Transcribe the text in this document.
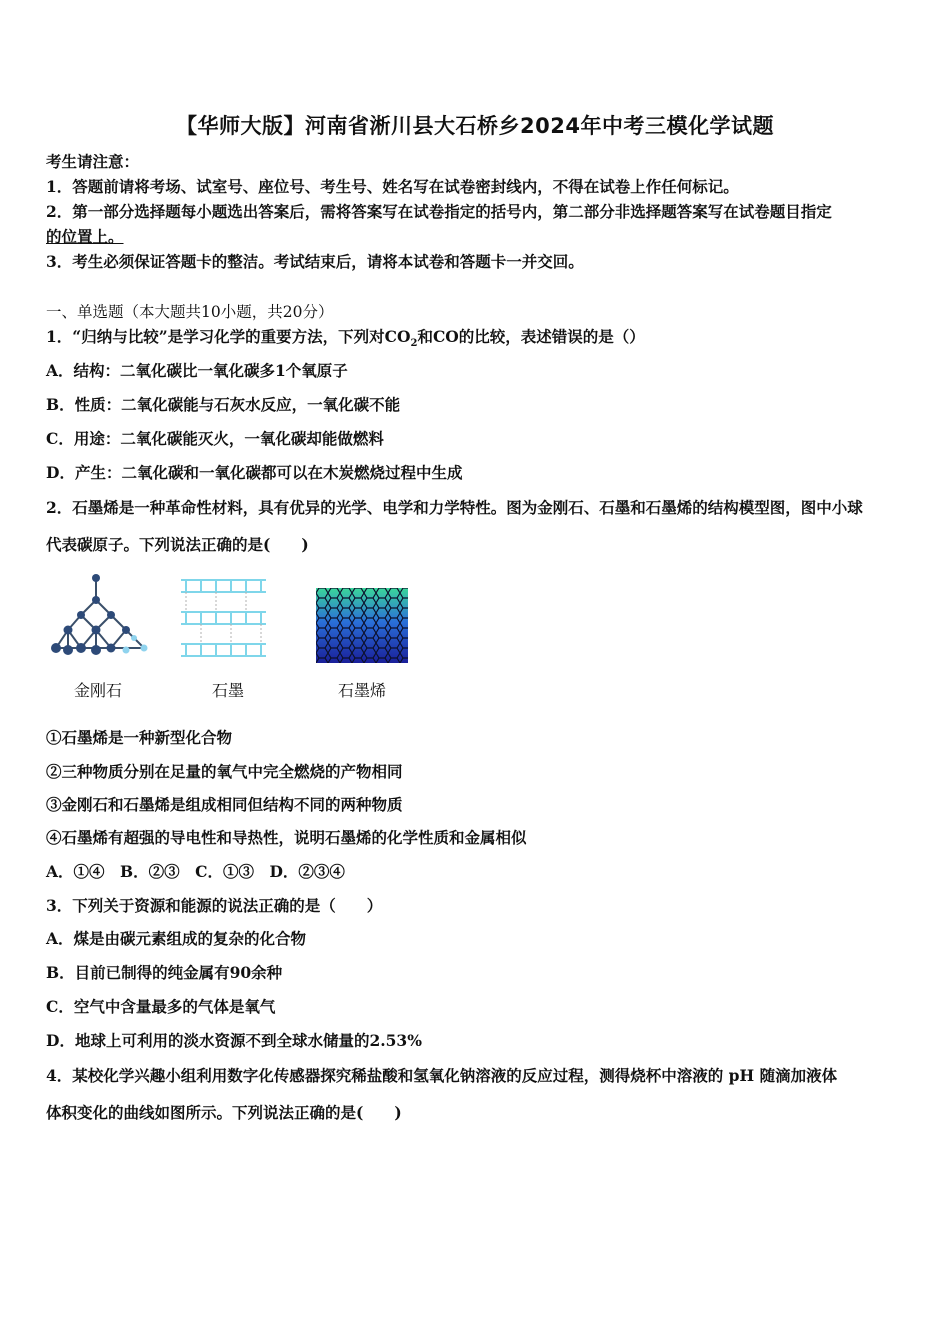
【华师大版】河南省淅川县大石桥乡2024年中考三模化学试题
考生请注意：
1．答题前请将考场、试室号、座位号、考生号、姓名写在试卷密封线内，不得在试卷上作任何标记。
2．第一部分选择题每小题选出答案后，需将答案写在试卷指定的括号内，第二部分非选择题答案写在试卷题目指定
的位置上。
3．考生必须保证答题卡的整洁。考试结束后，请将本试卷和答题卡一并交回。
一、单选题（本大题共10小题，共20分）
1．“归纳与比较”是学习化学的重要方法，下列对$CO_2$和CO的比较，表述错误的是（）
A．结构：二氧化碳比一氧化碳多1个氧原子
B．性质：二氧化碳能与石灰水反应，一氧化碳不能
C．用途：二氧化碳能灭火，一氧化碳却能做燃料
D．产生：二氧化碳和一氧化碳都可以在木炭燃烧过程中生成
2．石墨烯是一种革命性材料，具有优异的光学、电学和力学特性。图为金刚石、石墨和石墨烯的结构模型图，图中小球
代表碳原子。下列说法正确的是(　　)
金刚石	石墨	石墨烯
①石墨烯是一种新型化合物
②三种物质分别在足量的氧气中完全燃烧的产物相同
③金刚石和石墨烯是组成相同但结构不同的两种物质
④石墨烯有超强的导电性和导热性，说明石墨烯的化学性质和金属相似
A．①④　B．②③　C．①③　D．②③④
3．下列关于资源和能源的说法正确的是（　　）
A．煤是由碳元素组成的复杂的化合物
B．目前已制得的纯金属有90余种
C．空气中含量最多的气体是氧气
D．地球上可利用的淡水资源不到全球水储量的2.53%
4．某校化学兴趣小组利用数字化传感器探究稀盐酸和氢氧化钠溶液的反应过程，测得烧杯中溶液的 pH 随滴加液体
体积变化的曲线如图所示。下列说法正确的是(　　)
